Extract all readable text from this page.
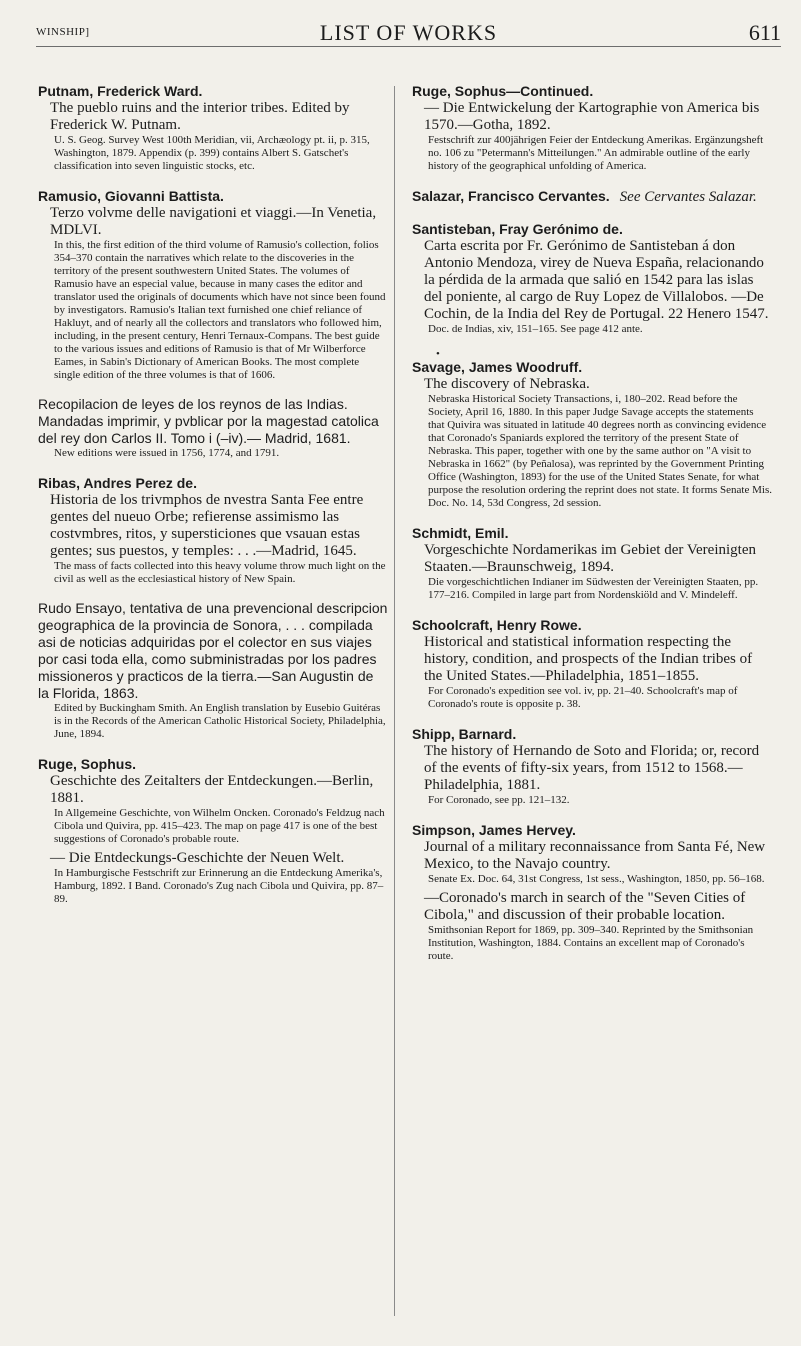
WINSHIP]	LIST OF WORKS	611
Putnam, Frederick Ward.
The pueblo ruins and the interior tribes. Edited by Frederick W. Putnam.
U. S. Geog. Survey West 100th Meridian, vii, Archæology pt. ii, p. 315, Washington, 1879. Appendix (p. 399) contains Albert S. Gatschet's classification into seven linguistic stocks, etc.
Ramusio, Giovanni Battista.
Terzo volvme delle navigationi et viaggi.—In Venetia, MDLVI.
In this, the first edition of the third volume of Ramusio's collection, folios 354–370 contain the narratives which relate to the discoveries in the territory of the present southwestern United States. The volumes of Ramusio have an especial value, because in many cases the editor and translator used the originals of documents which have not since been found by investigators. Ramusio's Italian text furnished one chief reliance of Hakluyt, and of nearly all the collectors and translators who followed him, including, in the present century, Henri Ternaux-Compans. The best guide to the various issues and editions of Ramusio is that of Mr Wilberforce Eames, in Sabin's Dictionary of American Books. The most complete single edition of the three volumes is that of 1606.
Recopilacion de leyes de los reynos de las Indias. Mandadas imprimir, y pvblicar por la magestad catolica del rey don Carlos II. Tomo i (–iv).— Madrid, 1681.
New editions were issued in 1756, 1774, and 1791.
Ribas, Andres Perez de.
Historia de los trivmphos de nvestra Santa Fee entre gentes del nueuo Orbe; refierense assimismo las costvmbres, ritos, y supersticiones que vsauan estas gentes; sus puestos, y temples: . . .—Madrid, 1645.
The mass of facts collected into this heavy volume throw much light on the civil as well as the ecclesiastical history of New Spain.
Rudo Ensayo, tentativa de una prevencional descripcion geographica de la provincia de Sonora, . . . compilada asi de noticias adquiridas por el colector en sus viajes por casi toda ella, como subministradas por los padres missioneros y practicos de la tierra.—San Augustin de la Florida, 1863.
Edited by Buckingham Smith. An English translation by Eusebio Guitéras is in the Records of the American Catholic Historical Society, Philadelphia, June, 1894.
Ruge, Sophus.
Geschichte des Zeitalters der Entdeckungen.—Berlin, 1881.
In Allgemeine Geschichte, von Wilhelm Oncken. Coronado's Feldzug nach Cibola und Quivira, pp. 415–423. The map on page 417 is one of the best suggestions of Coronado's probable route.
— Die Entdeckungs-Geschichte der Neuen Welt.
In Hamburgische Festschrift zur Erinnerung an die Entdeckung Amerika's, Hamburg, 1892. I Band. Coronado's Zug nach Cibola und Quivira, pp. 87–89.
Ruge, Sophus—Continued.
— Die Entwickelung der Kartographie von America bis 1570.—Gotha, 1892.
Festschrift zur 400jährigen Feier der Entdeckung Amerikas. Ergänzungsheft no. 106 zu "Petermann's Mitteilungen." An admirable outline of the early history of the geographical unfolding of America.
Salazar, Francisco Cervantes. See Cervantes Salazar.
Santisteban, Fray Gerónimo de.
Carta escrita por Fr. Gerónimo de Santisteban á don Antonio Mendoza, virey de Nueva España, relacionando la pérdida de la armada que salió en 1542 para las islas del poniente, al cargo de Ruy Lopez de Villalobos. —De Cochin, de la India del Rey de Portugal. 22 Henero 1547.
Doc. de Indias, xiv, 151–165. See page 412 ante.
•
Savage, James Woodruff.
The discovery of Nebraska.
Nebraska Historical Society Transactions, i, 180–202. Read before the Society, April 16, 1880. In this paper Judge Savage accepts the statements that Quivira was situated in latitude 40 degrees north as convincing evidence that Coronado's Spaniards explored the territory of the present State of Nebraska. This paper, together with one by the same author on "A visit to Nebraska in 1662" (by Peñalosa), was reprinted by the Government Printing Office (Washington, 1893) for the use of the United States Senate, for what purpose the resolution ordering the reprint does not state. It forms Senate Mis. Doc. No. 14, 53d Congress, 2d session.
Schmidt, Emil.
Vorgeschichte Nordamerikas im Gebiet der Vereinigten Staaten.—Braunschweig, 1894.
Die vorgeschichtlichen Indianer im Südwesten der Vereinigten Staaten, pp. 177–216. Compiled in large part from Nordenskiöld and V. Mindeleff.
Schoolcraft, Henry Rowe.
Historical and statistical information respecting the history, condition, and prospects of the Indian tribes of the United States.—Philadelphia, 1851–1855.
For Coronado's expedition see vol. iv, pp. 21–40. Schoolcraft's map of Coronado's route is opposite p. 38.
Shipp, Barnard.
The history of Hernando de Soto and Florida; or, record of the events of fifty-six years, from 1512 to 1568.— Philadelphia, 1881.
For Coronado, see pp. 121–132.
Simpson, James Hervey.
Journal of a military reconnaissance from Santa Fé, New Mexico, to the Navajo country.
Senate Ex. Doc. 64, 31st Congress, 1st sess., Washington, 1850, pp. 56–168.
—Coronado's march in search of the "Seven Cities of Cibola," and discussion of their probable location.
Smithsonian Report for 1869, pp. 309–340. Reprinted by the Smithsonian Institution, Washington, 1884. Contains an excellent map of Coronado's route.
